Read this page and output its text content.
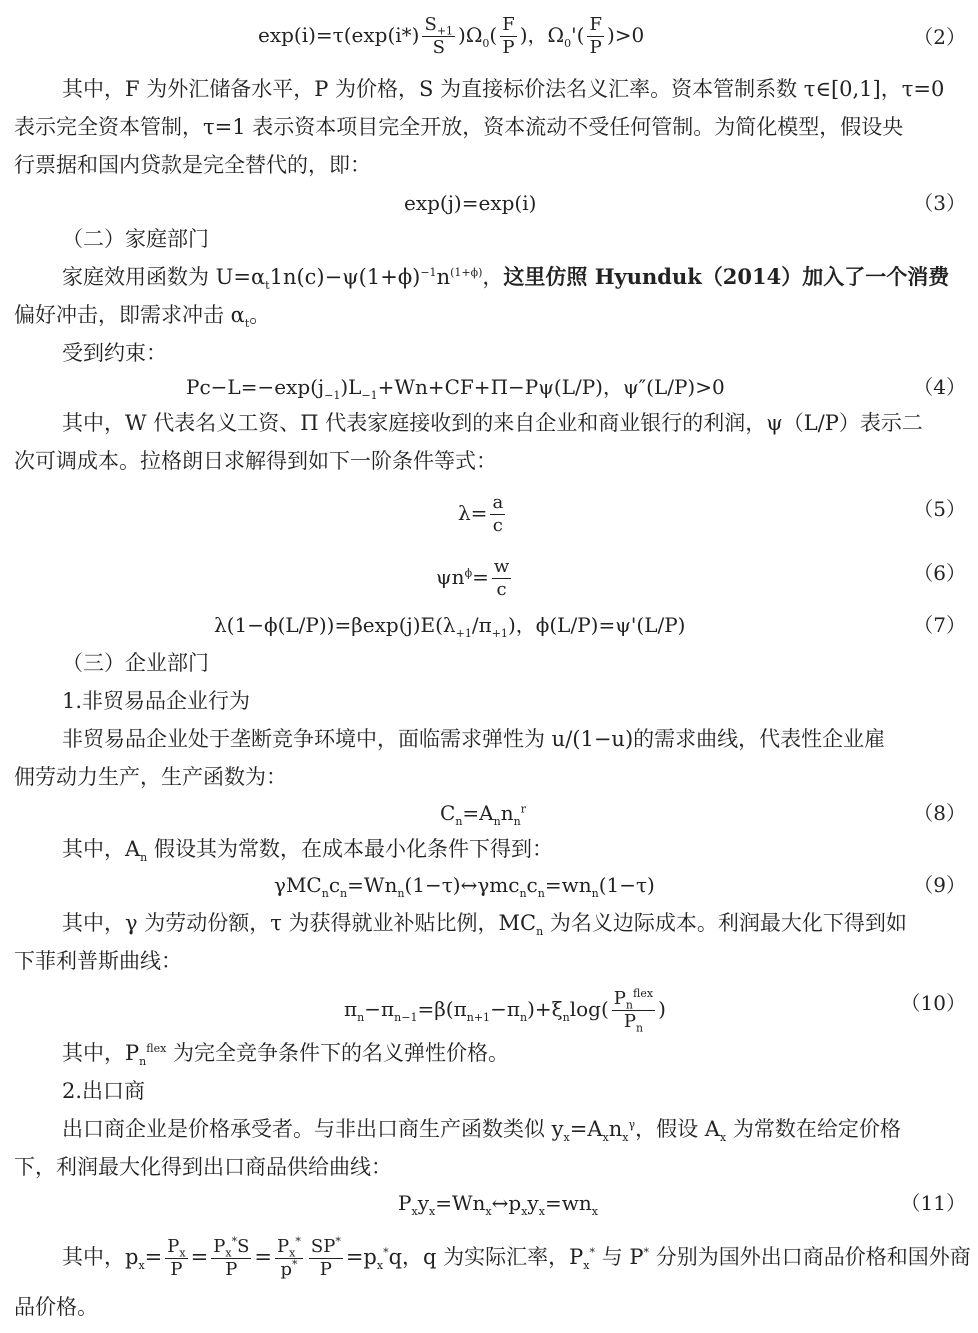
$\exp(i)=\tau(\exp(i*) \frac{S_{+1}}{S} )\Omega_0( \frac{F}{P}$ )，$\Omega_0'( \frac{F}{P} )>0$	（2）
其中，F 为外汇储备水平，P 为价格，S 为直接标价法名义汇率。资本管制系数 τ∈[0,1]，τ=0
表示完全资本管制，τ=1 表示资本项目完全开放，资本流动不受任何管制。为简化模型，假设央
行票据和国内贷款是完全替代的，即：
exp(j)=exp(i)	（3）
（二）家庭部门
家庭效用函数为 $U=\alpha_t1n(c)-\psi(1+\phi)^{-1}n^{(1+\phi)}$，这里仿照 Hyunduk（2014）加入了一个消费
偏好冲击，即需求冲击 $\alpha_t$。
受到约束：
$Pc-L=-\exp(j_{-1})L_{-1}+Wn+CF+\Pi-P\psi(L/P)$，ψ″(L/P)>0	（4）
其中，W 代表名义工资、Π 代表家庭接收到的来自企业和商业银行的利润，ψ（L/P）表示二
次可调成本。拉格朗日求解得到如下一阶条件等式：
$\lambda= \frac{a}{c}$	（5）
$\psi n^\phi= \frac{w}{c}$	（6）
$\lambda(1-\phi(L/P))=\beta\exp(j)E(\lambda_{+1}/\pi_{+1})$，ϕ(L/P)=ψ'(L/P)	（7）
（三）企业部门
1.非贸易品企业行为
非贸易品企业处于垄断竞争环境中，面临需求弹性为 u/(1−u)的需求曲线，代表性企业雇
佣劳动力生产，生产函数为：
$C_n=A_nn_n^r$	（8）
其中，$A_n$ 假设其为常数，在成本最小化条件下得到：
$\gamma MC_nc_n=Wn_n(1-\tau)\leftrightarrow\gamma mc_nc_n=wn_n(1-\tau)$	（9）
其中，γ 为劳动份额，τ 为获得就业补贴比例，$MC_n$ 为名义边际成本。利润最大化下得到如
下菲利普斯曲线：
$\pi_n-\pi_{n-1}=\beta(\pi_{n+1}-\pi_n)+\xi_n\log( \frac{P_n^{flex}}{P_n}$ )	（10）
其中，$P_n^{flex}$ 为完全竞争条件下的名义弹性价格。
2.出口商
出口商企业是价格承受者。与非出口商生产函数类似 $y_x=A_xn_x^\gamma$，假设 $A_x$ 为常数在给定价格
下，利润最大化得到出口商品供给曲线：
$P_xy_x=Wn_x\leftrightarrow p_xy_x=wn_x$	（11）
其中，$p_x= \frac{P_x}{P} = \frac{P_x^*S}{P} = \frac{P_x^*}{p^*} \frac{SP^*}{P} =p_x^*q$，q 为实际汇率，$P_x^*$ 与 P* 分别为国外出口商品价格和国外商
品价格。
